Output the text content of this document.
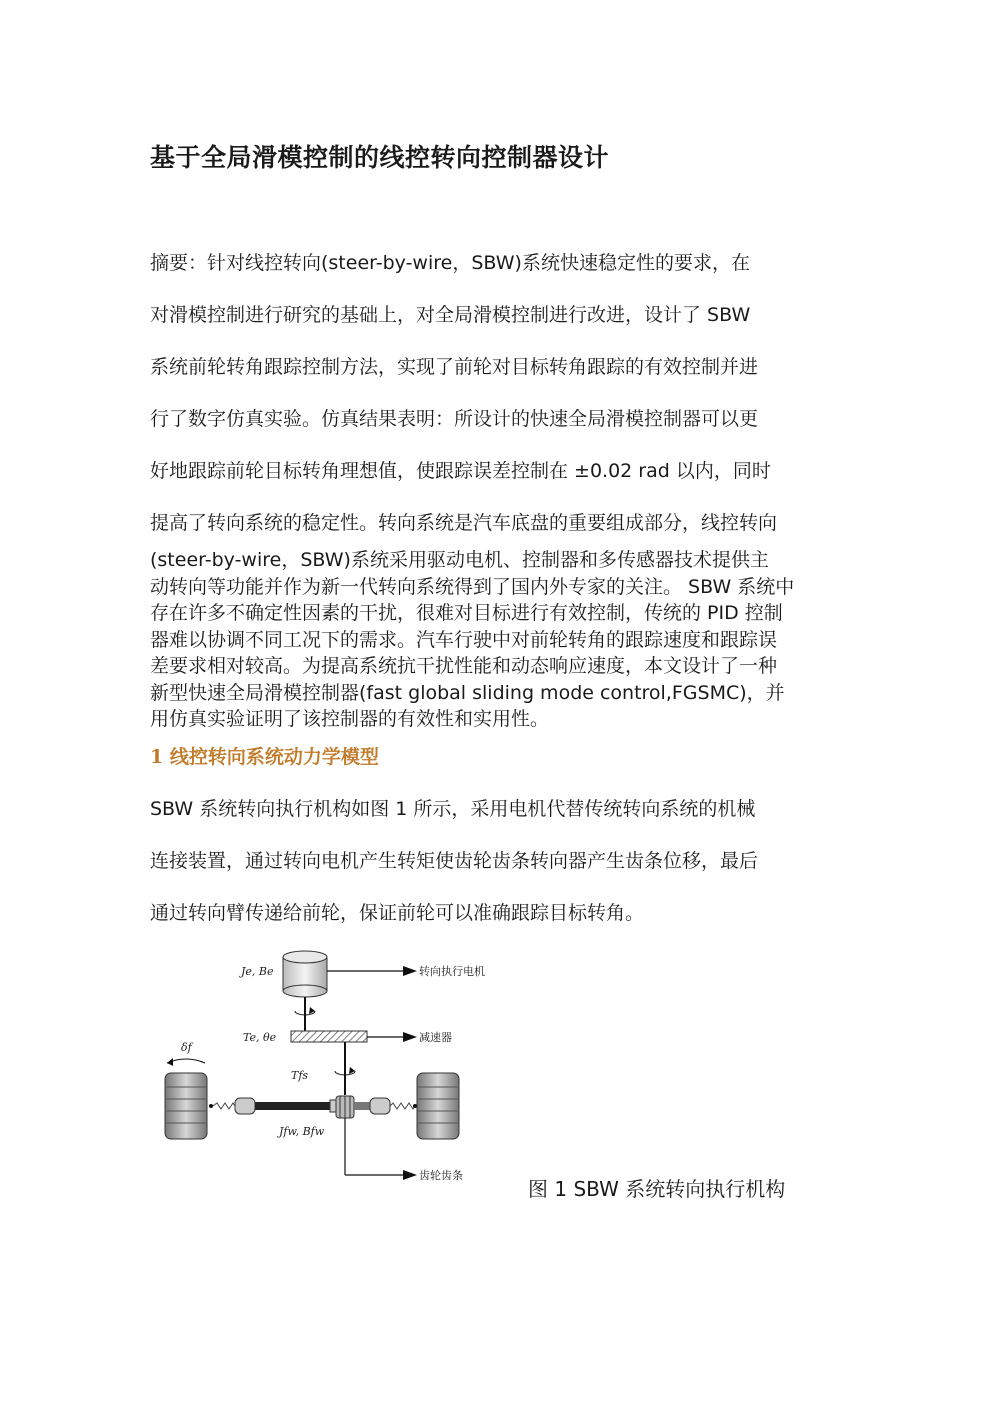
基于全局滑模控制的线控转向控制器设计
摘要：针对线控转向(steer-by-wire，SBW)系统快速稳定性的要求，在
对滑模控制进行研究的基础上，对全局滑模控制进行改进，设计了 SBW
系统前轮转角跟踪控制方法，实现了前轮对目标转角跟踪的有效控制并进
行了数字仿真实验。仿真结果表明：所设计的快速全局滑模控制器可以更
好地跟踪前轮目标转角理想值，使跟踪误差控制在 ±0.02 rad 以内，同时
提高了转向系统的稳定性。转向系统是汽车底盘的重要组成部分，线控转向
(steer-by-wire，SBW)系统采用驱动电机、控制器和多传感器技术提供主
动转向等功能并作为新一代转向系统得到了国内外专家的关注。 SBW 系统中
存在许多不确定性因素的干扰，很难对目标进行有效控制，传统的 PID 控制
器难以协调不同工况下的需求。汽车行驶中对前轮转角的跟踪速度和跟踪误
差要求相对较高。为提高系统抗干扰性能和动态响应速度，本文设计了一种
新型快速全局滑模控制器(fast global sliding mode control,FGSMC)，并
用仿真实验证明了该控制器的有效性和实用性。
1 线控转向系统动力学模型
SBW 系统转向执行机构如图 1 所示，采用电机代替传统转向系统的机械
连接装置，通过转向电机产生转矩使齿轮齿条转向器产生齿条位移，最后
通过转向臂传递给前轮，保证前轮可以准确跟踪目标转角。
转向执行电机
减速器
齿轮齿条
Je, Be
Te, θe
δf
Tfs
Jfw, Bfw
图 1 SBW 系统转向执行机构
